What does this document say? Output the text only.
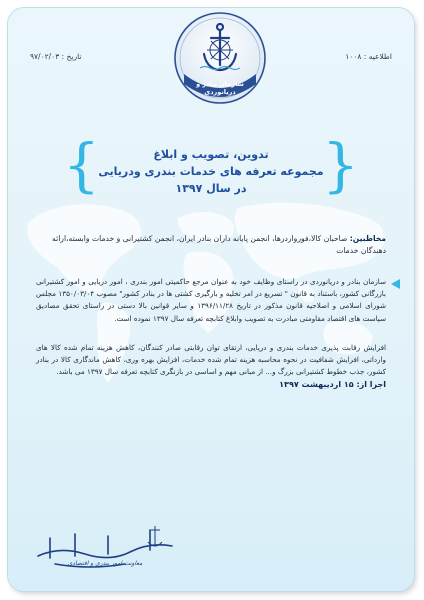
سازمان بنادر و دریانوردی
اطلاعیه : ۱۰۰۸
تاریخ : ۹۷/۰۲/۰۳
{	}
تدوین، تصویب و ابلاغ
مجموعه تعرفه های خدمات بندری ودریایی
در سال ۱۳۹۷
مخاطبین: صاحبان کالا،فورواردرها، انجمن پایانه داران بنادر ایران، انجمن کشتیرانی و خدمات وابسته،ارائه دهندگان خدمات
سازمان بنادر و دریانوردی در راستای وظایف خود به عنوان مرجع حاکمیتی امور بندری ، امور دریایی و امور کشتیرانی بازرگانی کشور، باستناد به قانون " تسریع در امر تخلیه و بارگیری کشتی ها در بنادر کشور" مصوب ۱۳۵۰/۰۳/۰۴ مجلس شورای اسلامی و اصلاحیه قانون مذکور در تاریخ ۱۳۹۶/۱۱/۲۸ و سایر قوانین بالا دستی در راستای تحقق مصادیق سیاست های اقتصاد مقاومتی مبادرت به تصویب وابلاغ کتابچه تعرفه سال ۱۳۹۷ نموده است.
افزایش رقابت پذیری خدمات بندری و دریایی، ارتقای توان رقابتی صادر کنندگان، کاهش هزینه تمام شده کالا های وارداتی، افزایش شفافیت در نحوه محاسبه هزینه تمام شده خدمات، افزایش بهره وری، کاهش ماندگاری کالا در بنادر کشور، جذب خطوط کشتیرانی بزرگ و... از مبانی مهم و اساسی در بازنگری کتابچه تعرفه سال ۱۳۹۷ می باشد.
اجرا از: ۱۵ اردیبهشت ۱۳۹۷
معاونت امور بندری و اقتصادی
